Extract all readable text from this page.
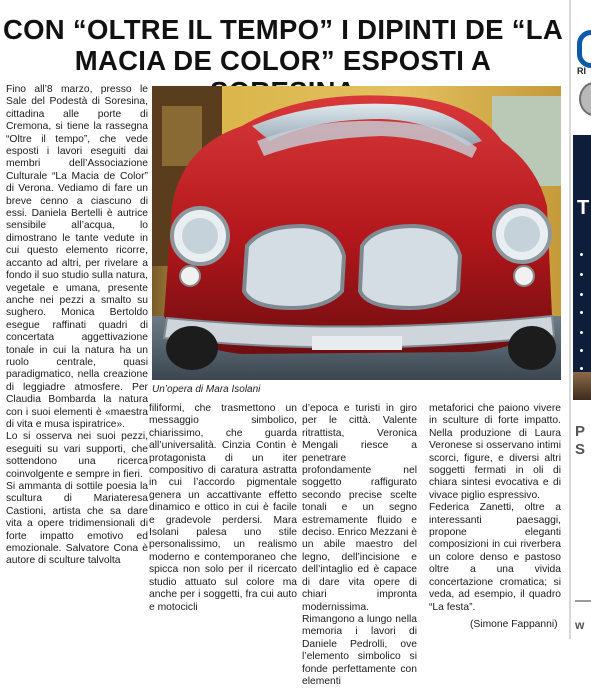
CON “OLTRE IL TEMPO” I DIPINTI DE “LA MACIA DE COLOR” ESPOSTI A

Fino all’8 marzo, presso le Sale del Podestà di Soresina, cittadina alle porte di Cremona, si tiene la rassegna “Oltre il tempo”, che vede esposti i lavori eseguiti dai membri dell’Associazione Culturale “La Macia de Color” di Verona. Vediamo di fare un breve cenno a ciascuno di essi. Daniela Bertelli è autrice sensibile all’acqua, lo dimostrano le tante vedute in cui questo elemento ricorre, accanto ad altri, per rivelare a fondo il suo studio sulla natura, vegetale e umana, presente anche nei pezzi a smalto su sughero. Monica Bertoldo esegue raffinati quadri di concertata aggettivazione tonale in cui la natura ha un ruolo centrale, quasi paradigmatico, nella creazione di leggiadre atmosfere. Per Claudia Bombarda la natura con i suoi elementi è «maestra di vita e musa ispiratrice».

Lo si osserva nei suoi pezzi, eseguiti su vari supporti, che sottendono una ricerca coinvolgente e sempre in fieri.

Si ammanta di sottile poesia la scultura di Mariateresa Castioni, artista che sa dare vita a opere tridimensionali di forte impatto emotivo ed emozionale. Salvatore Cona è autore di sculture talvolta

Un’opera di Mara Isolani

filiformi, che trasmettono un messaggio simbolico, chiarissimo, che guarda all’universalità. Cinzia Contin è protagonista di un iter compositivo di caratura astratta in cui l’accordo pigmentale genera un accattivante effetto dinamico e ottico in cui è facile e gradevole perdersi. Mara Isolani palesa uno stile personalissimo, un realismo moderno e contemporaneo che spicca non solo per il ricercato studio attuato sul colore ma anche per i soggetti, fra cui auto e motocicli

d’epoca e turisti in giro per le città. Valente ritrattista, Veronica Mengali riesce a penetrare profondamente nel soggetto raffigurato secondo precise scelte tonali e un segno estremamente fluido e deciso. Enrico Mezzani è un abile maestro del legno, dell’incisione e dell’intaglio ed è capace di dare vita opere di chiari impronta modernissima. Rimangono a lungo nella memoria i lavori di Daniele Pedrolli, ove l’elemento simbolico si fonde perfettamente con elementi

metaforici che paiono vivere in sculture di forte impatto. Nella produzione di Laura Veronese si osservano intimi scorci, figure, e diversi altri soggetti fermati in oli di chiara sintesi evocativa e di vivace piglio espressivo.

Federica Zanetti, oltre a interessanti paesaggi, propone eleganti composizioni in cui riverbera un colore denso e pastoso oltre a una vivida concertazione cromatica; si veda, ad esempio, il quadro “La festa”.

(Simone Fappanni)
RI
T
P
S
w
